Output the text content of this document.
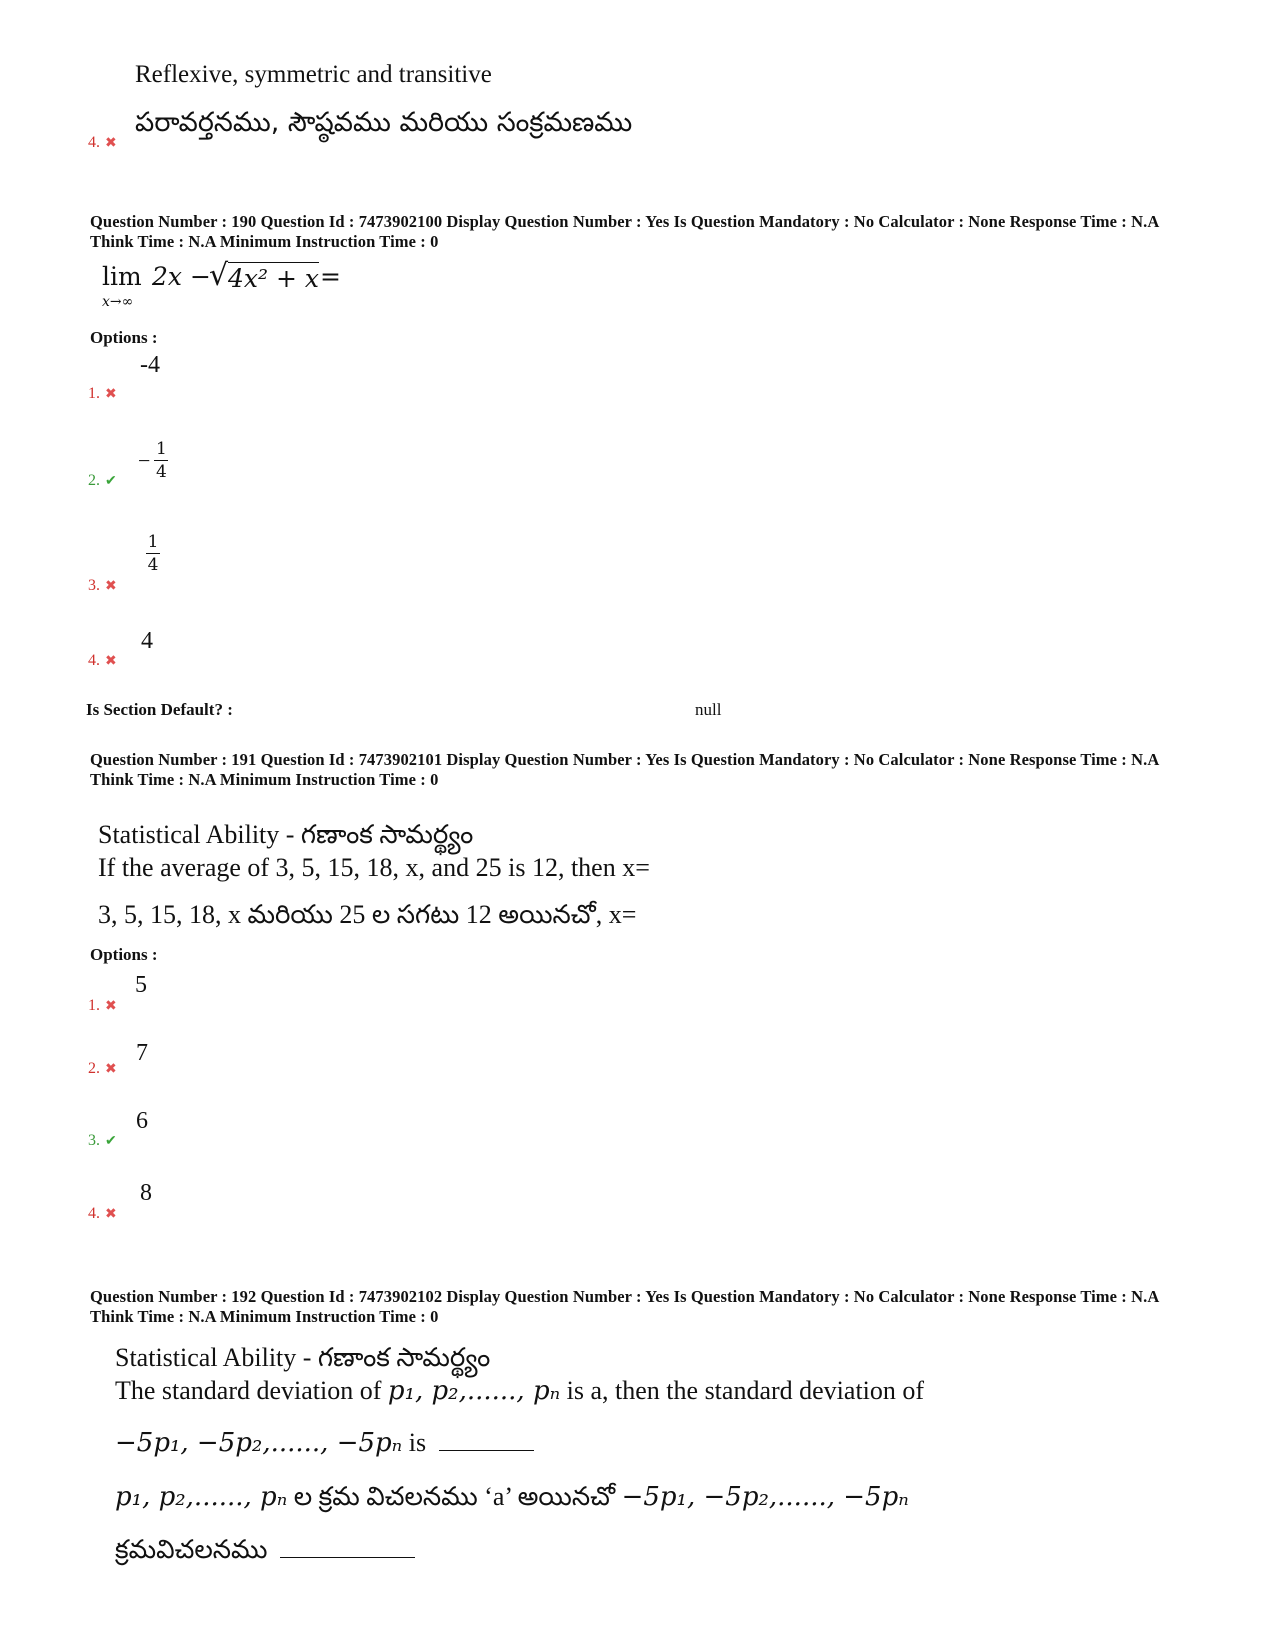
Reflexive, symmetric and transitive
పరావర్తనము, సౌష్ఠవము మరియు సంక్రమణము
4. ✖
Question Number : 190 Question Id : 7473902100 Display Question Number : Yes Is Question Mandatory : No Calculator : None Response Time : N.A Think Time : N.A Minimum Instruction Time : 0
lim
x→∞
2x −
√ 4x² + x =
Options :
-4
1. ✖
− $\frac{1}{4}$
2. ✔
$\frac{1}{4}$
3. ✖
4
4. ✖
Is Section Default? :	null
Question Number : 191 Question Id : 7473902101 Display Question Number : Yes Is Question Mandatory : No Calculator : None Response Time : N.A Think Time : N.A Minimum Instruction Time : 0
Statistical Ability - గణాంక సామర్థ్యం
If the average of 3, 5, 15, 18, x, and 25 is 12, then x=
3, 5, 15, 18, x మరియు 25 ల సగటు 12 అయినచో, x=
Options :
5
1. ✖
7
2. ✖
6
3. ✔
8
4. ✖
Question Number : 192 Question Id : 7473902102 Display Question Number : Yes Is Question Mandatory : No Calculator : None Response Time : N.A Think Time : N.A Minimum Instruction Time : 0
Statistical Ability - గణాంక సామర్థ్యం
The standard deviation of p₁, p₂,......, pₙ is a, then the standard deviation of
−5p₁, −5p₂,......, −5pₙ is
p₁, p₂,......, pₙ ల క్రమ విచలనము ‘a’ అయినచో −5p₁, −5p₂,......, −5pₙ
క్రమవిచలనము
